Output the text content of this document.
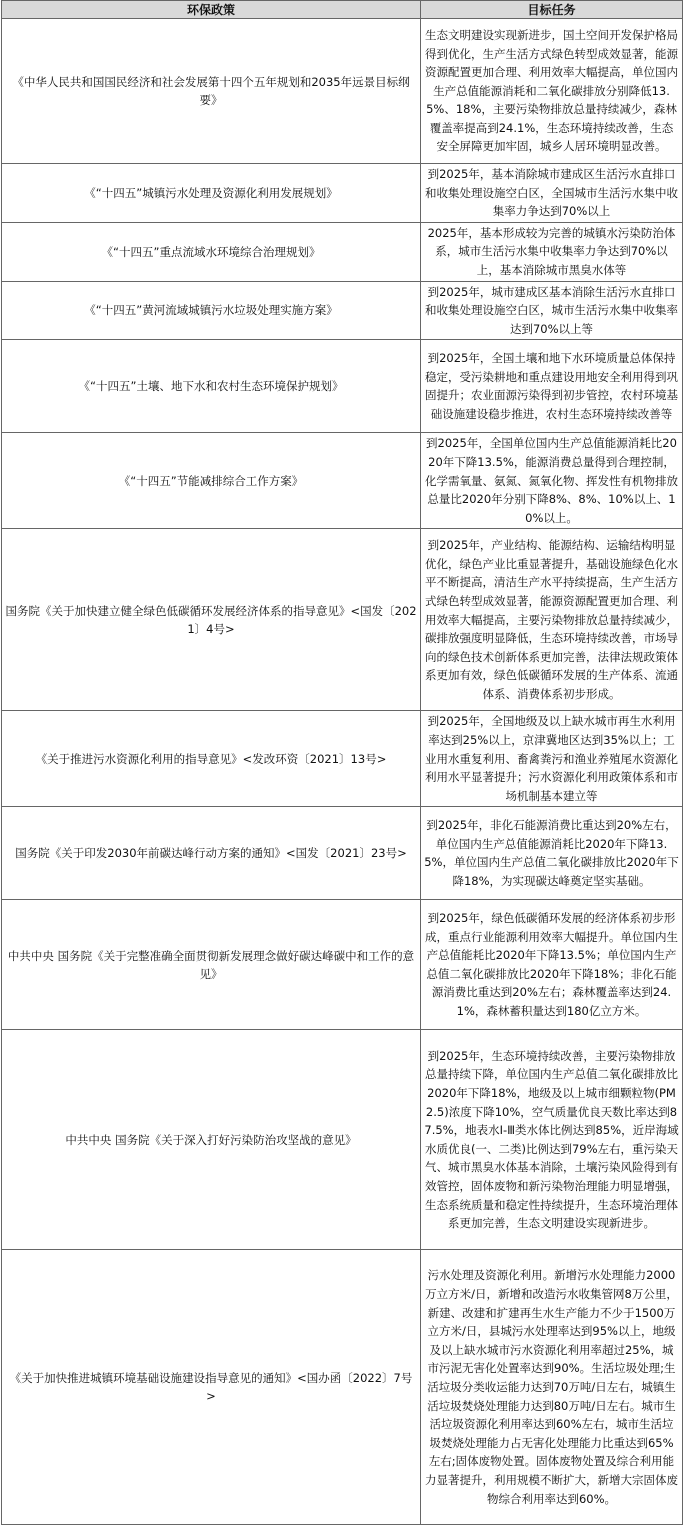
环保政策	目标任务
《中华人民共和国国民经济和社会发展第十四个五年规划和2035年远景目标纲要》	生态文明建设实现新进步，国土空间开发保护格局得到优化，生产生活方式绿色转型成效显著，能源资源配置更加合理、利用效率大幅提高，单位国内生产总值能源消耗和二氧化碳排放分别降低13.5%、18%，主要污染物排放总量持续减少，森林覆盖率提高到24.1%，生态环境持续改善，生态安全屏障更加牢固，城乡人居环境明显改善。
《“十四五”城镇污水处理及资源化利用发展规划》	到2025年，基本消除城市建成区生活污水直排口和收集处理设施空白区，全国城市生活污水集中收集率力争达到70%以上
《“十四五”重点流域水环境综合治理规划》	2025年，基本形成较为完善的城镇水污染防治体系，城市生活污水集中收集率力争达到70%以上，基本消除城市黑臭水体等
《“十四五”黄河流域城镇污水垃圾处理实施方案》	到2025年，城市建成区基本消除生活污水直排口和收集处理设施空白区，城市生活污水集中收集率达到70%以上等
《“十四五”土壤、地下水和农村生态环境保护规划》	到2025年，全国土壤和地下水环境质量总体保持稳定，受污染耕地和重点建设用地安全利用得到巩固提升；农业面源污染得到初步管控，农村环境基础设施建设稳步推进，农村生态环境持续改善等
《“十四五”节能减排综合工作方案》	到2025年，全国单位国内生产总值能源消耗比2020年下降13.5%，能源消费总量得到合理控制，化学需氧量、氨氮、氮氧化物、挥发性有机物排放总量比2020年分别下降8%、8%、10%以上、10%以上。
国务院《关于加快建立健全绿色低碳循环发展经济体系的指导意见》<国发〔2021〕4号>	到2025年，产业结构、能源结构、运输结构明显优化，绿色产业比重显著提升，基础设施绿色化水平不断提高，清洁生产水平持续提高，生产生活方式绿色转型成效显著，能源资源配置更加合理、利用效率大幅提高，主要污染物排放总量持续减少，碳排放强度明显降低，生态环境持续改善，市场导向的绿色技术创新体系更加完善，法律法规政策体系更加有效，绿色低碳循环发展的生产体系、流通体系、消费体系初步形成。
《关于推进污水资源化利用的指导意见》<发改环资〔2021〕13号>	到2025年，全国地级及以上缺水城市再生水利用率达到25%以上，京津冀地区达到35%以上；工业用水重复利用、畜禽粪污和渔业养殖尾水资源化利用水平显著提升；污水资源化利用政策体系和市场机制基本建立等
国务院《关于印发2030年前碳达峰行动方案的通知》<国发〔2021〕23号>	到2025年，非化石能源消费比重达到20%左右，单位国内生产总值能源消耗比2020年下降13.5%，单位国内生产总值二氧化碳排放比2020年下降18%，为实现碳达峰奠定坚实基础。
中共中央 国务院《关于完整准确全面贯彻新发展理念做好碳达峰碳中和工作的意见》	到2025年，绿色低碳循环发展的经济体系初步形成，重点行业能源利用效率大幅提升。单位国内生产总值能耗比2020年下降13.5%；单位国内生产总值二氧化碳排放比2020年下降18%；非化石能源消费比重达到20%左右；森林覆盖率达到24.1%，森林蓄积量达到180亿立方米。
中共中央 国务院《关于深入打好污染防治攻坚战的意见》	到2025年，生态环境持续改善，主要污染物排放总量持续下降，单位国内生产总值二氧化碳排放比2020年下降18%，地级及以上城市细颗粒物(PM2.5)浓度下降10%，空气质量优良天数比率达到87.5%，地表水Ⅰ-Ⅲ类水体比例达到85%，近岸海域水质优良(一、二类)比例达到79%左右，重污染天气、城市黑臭水体基本消除，土壤污染风险得到有效管控，固体废物和新污染物治理能力明显增强，生态系统质量和稳定性持续提升，生态环境治理体系更加完善，生态文明建设实现新进步。
《关于加快推进城镇环境基础设施建设指导意见的通知》<国办函〔2022〕7号>	污水处理及资源化利用。新增污水处理能力2000万立方米/日，新增和改造污水收集管网8万公里，新建、改建和扩建再生水生产能力不少于1500万立方米/日，县城污水处理率达到95%以上，地级及以上缺水城市污水资源化利用率超过25%，城市污泥无害化处置率达到90%。生活垃圾处理;生活垃圾分类收运能力达到70万吨/日左右，城镇生活垃圾焚烧处理能力达到80万吨/日左右。城市生活垃圾资源化利用率达到60%左右，城市生活垃圾焚烧处理能力占无害化处理能力比重达到65%左右;固体废物处置。固体废物处置及综合利用能力显著提升，利用规模不断扩大，新增大宗固体废物综合利用率达到60%。
